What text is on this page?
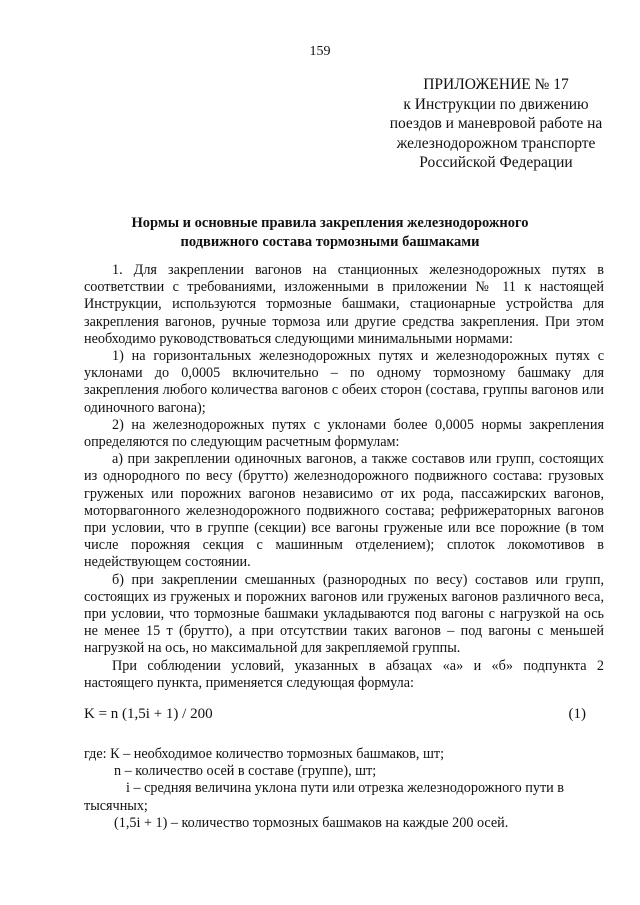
159
ПРИЛОЖЕНИЕ № 17
к Инструкции по движению
поездов и маневровой работе на
железнодорожном транспорте
Российской Федерации
Нормы и основные правила закрепления железнодорожного
подвижного состава тормозными башмаками

1. Для закреплении вагонов на станционных железнодорожных путях в соответствии с требованиями, изложенными в приложении № 11 к настоящей Инструкции, используются тормозные башмаки, стационарные устройства для закрепления вагонов, ручные тормоза или другие средства закрепления. При этом необходимо руководствоваться следующими минимальными нормами:

1) на горизонтальных железнодорожных путях и железнодорожных путях с уклонами до 0,0005 включительно – по одному тормозному башмаку для закрепления любого количества вагонов с обеих сторон (состава, группы вагонов или одиночного вагона);

2) на железнодорожных путях с уклонами более 0,0005 нормы закрепления определяются по следующим расчетным формулам:

а) при закреплении одиночных вагонов, а также составов или групп, состоящих из однородного по весу (брутто) железнодорожного подвижного состава: грузовых груженых или порожних вагонов независимо от их рода, пассажирских вагонов, моторвагонного железнодорожного подвижного состава; рефрижераторных вагонов при условии, что в группе (секции) все вагоны груженые или все порожние (в том числе порожняя секция с машинным отделением); сплоток локомотивов в недействующем состоянии.

б) при закреплении смешанных (разнородных по весу) составов или групп, состоящих из груженых и порожних вагонов или груженых вагонов различного веса, при условии, что тормозные башмаки укладываются под вагоны с нагрузкой на ось не менее 15 т (брутто), а при отсутствии таких вагонов – под вагоны с меньшей нагрузкой на ось, но максимальной для закрепляемой группы.

При соблюдении условий, указанных в абзацах «а» и «б» подпункта 2 настоящего пункта, применяется следующая формула:

K = n (1,5i + 1) / 200	(1)

где: К – необходимое количество тормозных башмаков, шт;

n – количество осей в составе (группе), шт;

i – средняя величина уклона пути или отрезка железнодорожного пути в

тысячных;

(1,5i + 1) – количество тормозных башмаков на каждые 200 осей.
